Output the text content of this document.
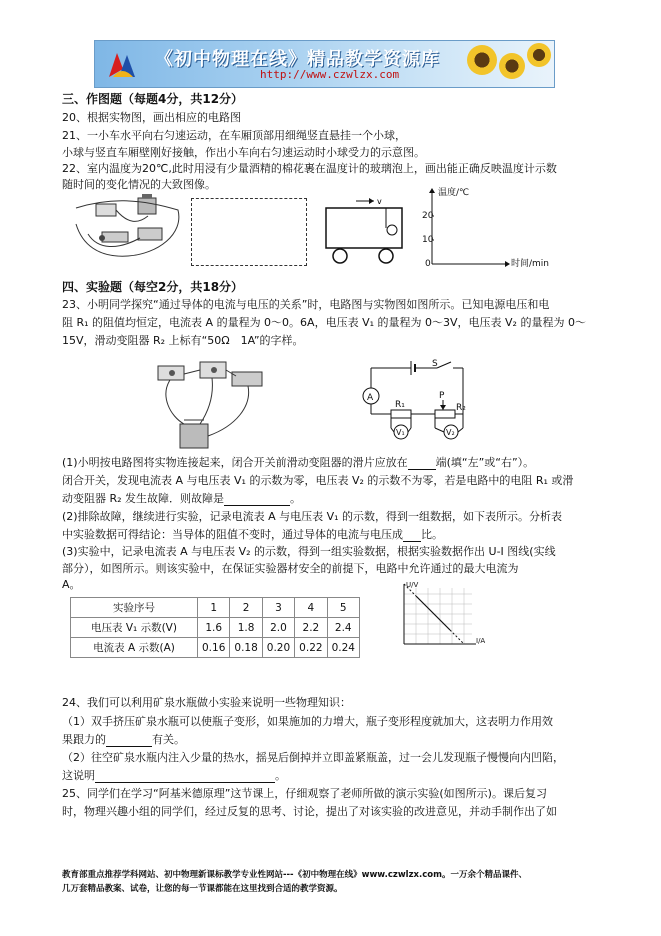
《初中物理在线》精品教学资源库
http://www.czwlzx.com
三、作图题（每题4分，共12分）
20、根据实物图，画出相应的电路图
21、一小车水平向右匀速运动，在车厢顶部用细绳竖直悬挂一个小球，
小球与竖直车厢壁刚好接触，作出小车向右匀速运动时小球受力的示意图。
22、室内温度为20℃,此时用浸有少量酒精的棉花裹在温度计的玻璃泡上，画出能正确反映温度计示数
随时间的变化情况的大致图像。
v
温度/℃
时间/min
20
10
0
四、实验题（每空2分，共18分）
23、小明同学探究“通过导体的电流与电压的关系”时，电路图与实物图如图所示。已知电源电压和电
阻 R₁ 的阻值均恒定，电流表 A 的量程为 0～0。6A，电压表 V₁ 的量程为 0～3V，电压表 V₂ 的量程为 0～
15V，滑动变阻器 R₂ 上标有“50Ω　1A”的字样。
S
A
R₁
P
R₂
V₁	V₂
(1)小明按电路图将实物连接起来，闭合开关前滑动变阻器的滑片应放在	端(填“左”或“右”）。
闭合开关，发现电流表 A 与电压表 V₁ 的示数为零，电压表 V₂ 的示数不为零，若是电路中的电阻 R₁ 或滑
动变阻器 R₂ 发生故障．则故障是	。
(2)排除故障，继续进行实验，记录电流表 A 与电压表 V₁ 的示数，得到一组数据，如下表所示。分析表
中实验数据可得结论：当导体的阻值不变时，通过导体的电流与电压成 比。
(3)实验中，记录电流表 A 与电压表 V₂ 的示数，得到一组实验数据，根据实验数据作出 U-I 图线(实线
部分），如图所示。则该实验中，在保证实验器材安全的前提下，电路中允许通过的最大电流为
A。
实验序号	1	2	3	4	5
电压表 V₁ 示数(V)	1.6	1.8	2.0	2.2	2.4
电流表 A 示数(A)	0.16	0.18	0.20	0.22	0.24
U/V
I/A
24、我们可以利用矿泉水瓶做小实验来说明一些物理知识：
（1）双手挤压矿泉水瓶可以使瓶子变形，如果施加的力增大，瓶子变形程度就加大，这表明力作用效
果跟力的	有关。
（2）往空矿泉水瓶内注入少量的热水，摇晃后倒掉并立即盖紧瓶盖，过一会儿发现瓶子慢慢向内凹陷，
这说明	。
25、同学们在学习“阿基米德原理”这节课上，仔细观察了老师所做的演示实验(如图所示)。课后复习
时，物理兴趣小组的同学们，经过反复的思考、讨论，提出了对该实验的改进意见，并动手制作出了如
教育部重点推荐学科网站、初中物理新课标教学专业性网站---《初中物理在线》www.czwlzx.com。一万余个精品课件、
几万套精品教案、试卷，让您的每一节课都能在这里找到合适的教学资源。
